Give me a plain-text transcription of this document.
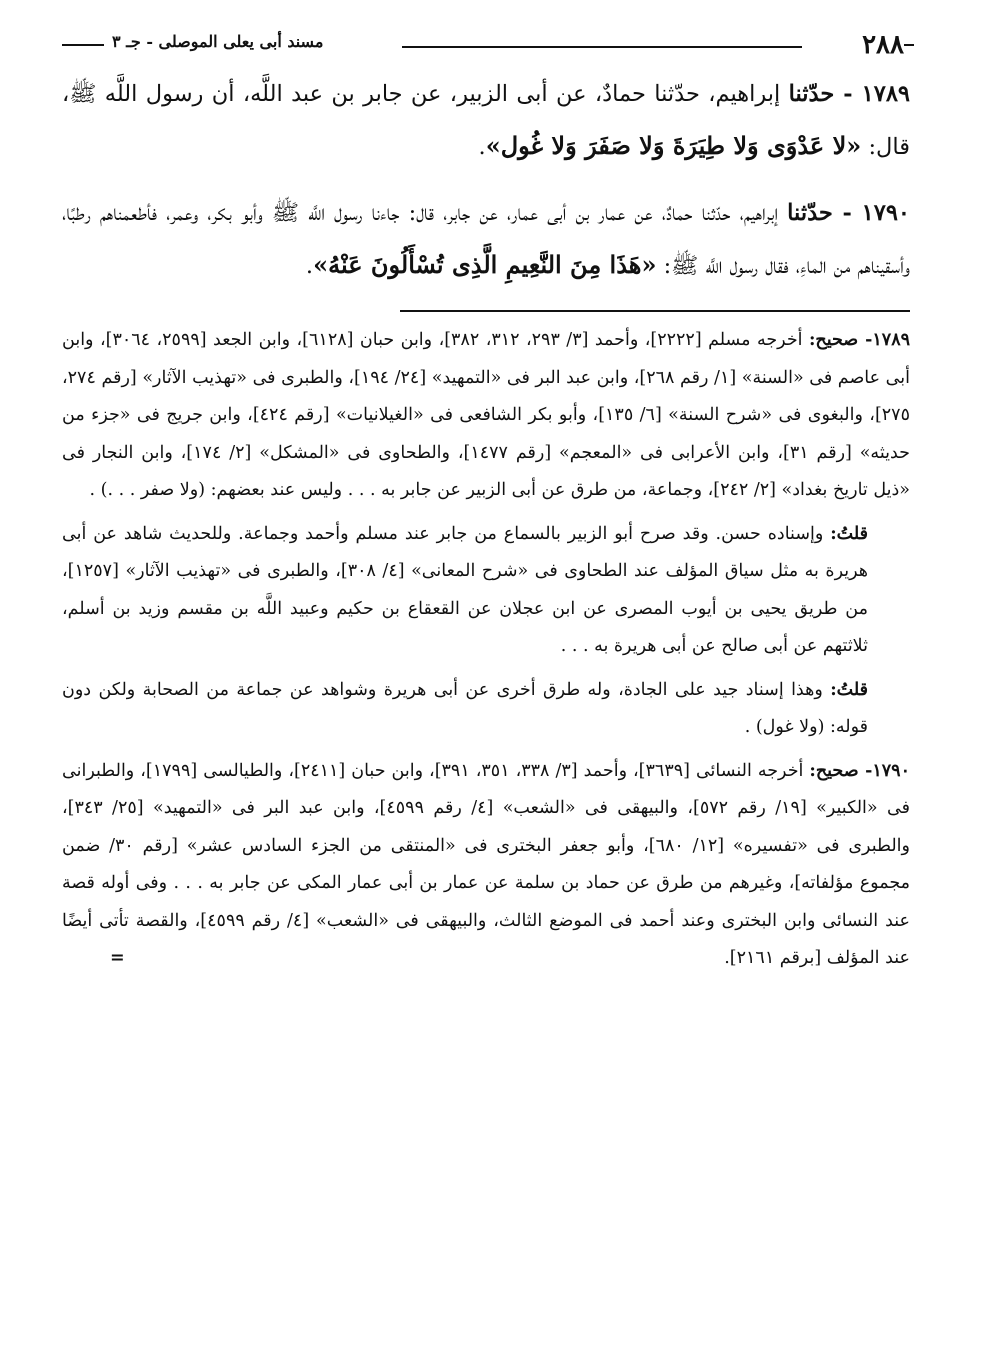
٢٨٨
مسند أبى يعلى الموصلى - جـ ٣

١٧٨٩ - حدّثنا إبراهيم، حدّثنا حمادٌ، عن أبى الزبير، عن جابر بن عبد اللَّه، أن رسول اللَّه ﷺ، قال: «لا عَدْوَى وَلا طِيَرَةَ وَلا صَفَرَ وَلا غُول».

١٧٩٠ - حدّثنا إبراهيم، حدّثنا حمادٌ، عن عمار بن أبى عمار، عن جابر، قال: جاءنا رسول اللَّه ﷺ وأبو بكر، وعمر، فأطعمناهم رطبًا، وأسقيناهم من الماءِ، فقال رسول اللَّه ﷺ: «هَذَا مِنَ النَّعِيمِ الَّذِى تُسْأَلُونَ عَنْهُ».

١٧٨٩- صحيح: أخرجه مسلم [٢٢٢٢]، وأحمد [٣/ ٢٩٣، ٣١٢، ٣٨٢]، وابن حبان [٦١٢٨]، وابن الجعد [٢٥٩٩، ٣٠٦٤]، وابن أبى عاصم فى «السنة» [١/ رقم ٢٦٨]، وابن عبد البر فى «التمهيد» [٢٤/ ١٩٤]، والطبرى فى «تهذيب الآثار» [رقم ٢٧٤، ٢٧٥]، والبغوى فى «شرح السنة» [٦/ ١٣٥]، وأبو بكر الشافعى فى «الغيلانيات» [رقم ٤٢٤]، وابن جريج فى «جزء من حديثه» [رقم ٣١]، وابن الأعرابى فى «المعجم» [رقم ١٤٧٧]، والطحاوى فى «المشكل» [٢/ ١٧٤]، وابن النجار فى «ذيل تاريخ بغداد» [٢/ ٢٤٢]، وجماعة، من طرق عن أبى الزبير عن جابر به . . . وليس عند بعضهم: (ولا صفر . . .) .

قلتُ: وإسناده حسن. وقد صرح أبو الزبير بالسماع من جابر عند مسلم وأحمد وجماعة. وللحديث شاهد عن أبى هريرة به مثل سياق المؤلف عند الطحاوى فى «شرح المعانى» [٤/ ٣٠٨]، والطبرى فى «تهذيب الآثار» [١٢٥٧]، من طريق يحيى بن أيوب المصرى عن ابن عجلان عن القعقاع بن حكيم وعبيد اللَّه بن مقسم وزيد بن أسلم، ثلاثتهم عن أبى صالح عن أبى هريرة به . . .

قلتُ: وهذا إسناد جيد على الجادة، وله طرق أخرى عن أبى هريرة وشواهد عن جماعة من الصحابة ولكن دون قوله: (ولا غول) .

١٧٩٠- صحيح: أخرجه النسائى [٣٦٣٩]، وأحمد [٣/ ٣٣٨، ٣٥١، ٣٩١]، وابن حبان [٢٤١١]، والطيالسى [١٧٩٩]، والطبرانى فى «الكبير» [١٩/ رقم ٥٧٢]، والبيهقى فى «الشعب» [٤/ رقم ٤٥٩٩]، وابن عبد البر فى «التمهيد» [٢٥/ ٣٤٣]، والطبرى فى «تفسيره» [١٢/ ٦٨٠]، وأبو جعفر البخترى فى «المنتقى من الجزء السادس عشر» [رقم ٣٠/ ضمن مجموع مؤلفاته]، وغيرهم من طرق عن حماد بن سلمة عن عمار بن أبى عمار المكى عن جابر به . . . وفى أوله قصة عند النسائى وابن البخترى وعند أحمد فى الموضع الثالث، والبيهقى فى «الشعب» [٤/ رقم ٤٥٩٩]، والقصة تأتى أيضًا عند المؤلف [برقم ٢١٦١].
=
